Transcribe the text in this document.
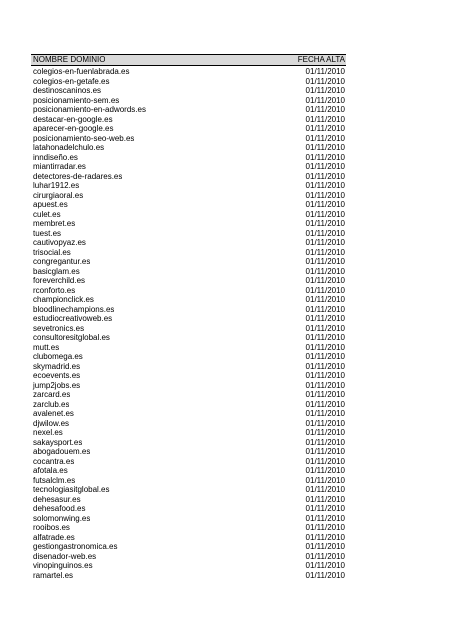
NOMBRE DOMINIO	FECHA ALTA
colegios-en-fuenlabrada.es	01/11/2010
colegios-en-getafe.es	01/11/2010
destinoscaninos.es	01/11/2010
posicionamiento-sem.es	01/11/2010
posicionamiento-en-adwords.es	01/11/2010
destacar-en-google.es	01/11/2010
aparecer-en-google.es	01/11/2010
posicionamiento-seo-web.es	01/11/2010
latahonadelchulo.es	01/11/2010
inndiseño.es	01/11/2010
miantirradar.es	01/11/2010
detectores-de-radares.es	01/11/2010
luhar1912.es	01/11/2010
cirurgiaoral.es	01/11/2010
apuest.es	01/11/2010
culet.es	01/11/2010
membret.es	01/11/2010
tuest.es	01/11/2010
cautivopyaz.es	01/11/2010
trisocial.es	01/11/2010
congregantur.es	01/11/2010
basicglam.es	01/11/2010
foreverchild.es	01/11/2010
rconforto.es	01/11/2010
championclick.es	01/11/2010
bloodlinechampions.es	01/11/2010
estudiocreativoweb.es	01/11/2010
sevetronics.es	01/11/2010
consultoresitglobal.es	01/11/2010
mutt.es	01/11/2010
clubomega.es	01/11/2010
skymadrid.es	01/11/2010
ecoevents.es	01/11/2010
jump2jobs.es	01/11/2010
zarcard.es	01/11/2010
zarclub.es	01/11/2010
avalenet.es	01/11/2010
djwilow.es	01/11/2010
nexel.es	01/11/2010
sakaysport.es	01/11/2010
abogadouem.es	01/11/2010
cocantra.es	01/11/2010
afotala.es	01/11/2010
futsalclm.es	01/11/2010
tecnologiasitglobal.es	01/11/2010
dehesasur.es	01/11/2010
dehesafood.es	01/11/2010
solomonwing.es	01/11/2010
rooibos.es	01/11/2010
alfatrade.es	01/11/2010
gestiongastronomica.es	01/11/2010
disenador-web.es	01/11/2010
vinopinguinos.es	01/11/2010
ramartel.es	01/11/2010
